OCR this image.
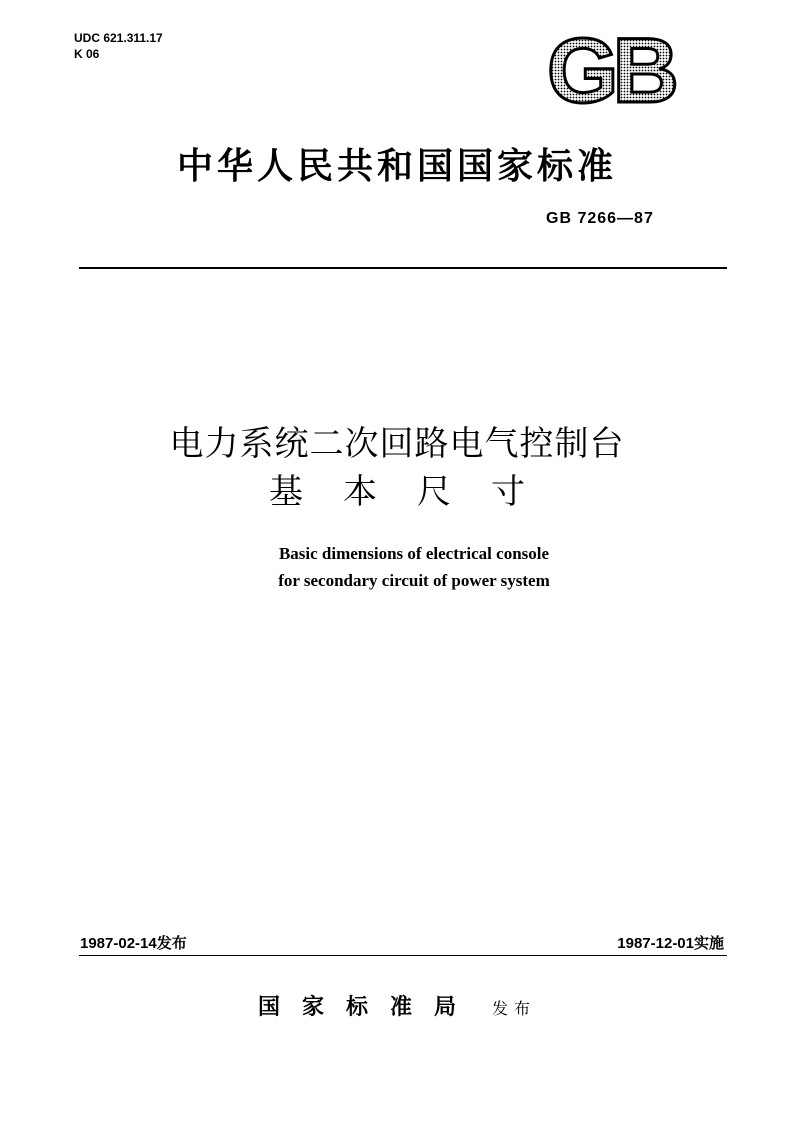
UDC 621.311.17
K 06	GB
中华人民共和国国家标准
GB 7266—87
电力系统二次回路电气控制台
基本尺寸
Basic dimensions of electrical console
for secondary circuit of power system
1987-02-14发布	1987-12-01实施
国家标准局 发布
